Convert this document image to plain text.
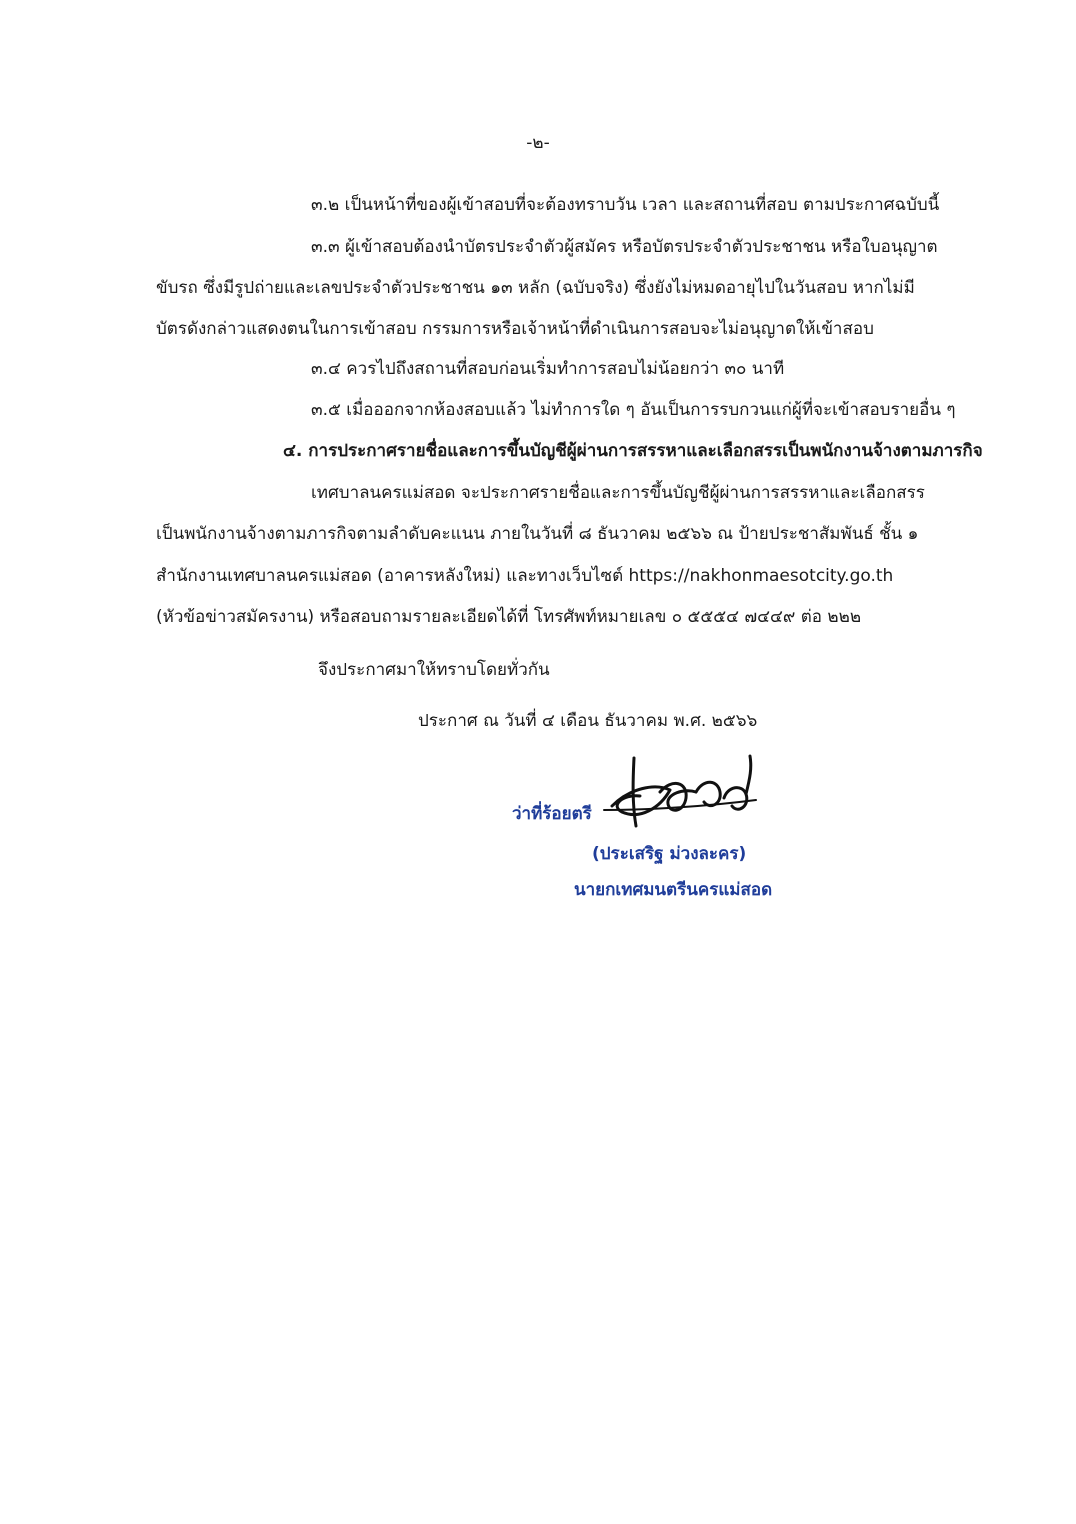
-๒-
๓.๒ เป็นหน้าที่ของผู้เข้าสอบที่จะต้องทราบวัน เวลา และสถานที่สอบ ตามประกาศฉบับนี้
๓.๓ ผู้เข้าสอบต้องนำบัตรประจำตัวผู้สมัคร หรือบัตรประจำตัวประชาชน หรือใบอนุญาต
ขับรถ ซึ่งมีรูปถ่ายและเลขประจำตัวประชาชน ๑๓ หลัก (ฉบับจริง) ซึ่งยังไม่หมดอายุไปในวันสอบ หากไม่มี
บัตรดังกล่าวแสดงตนในการเข้าสอบ กรรมการหรือเจ้าหน้าที่ดำเนินการสอบจะไม่อนุญาตให้เข้าสอบ
๓.๔ ควรไปถึงสถานที่สอบก่อนเริ่มทำการสอบไม่น้อยกว่า ๓๐ นาที
๓.๕ เมื่อออกจากห้องสอบแล้ว ไม่ทำการใด ๆ อันเป็นการรบกวนแก่ผู้ที่จะเข้าสอบรายอื่น ๆ
๔. การประกาศรายชื่อและการขึ้นบัญชีผู้ผ่านการสรรหาและเลือกสรรเป็นพนักงานจ้างตามภารกิจ
เทศบาลนครแม่สอด จะประกาศรายชื่อและการขึ้นบัญชีผู้ผ่านการสรรหาและเลือกสรร
เป็นพนักงานจ้างตามภารกิจตามลำดับคะแนน ภายในวันที่ ๘ ธันวาคม ๒๕๖๖ ณ ป้ายประชาสัมพันธ์ ชั้น ๑
สำนักงานเทศบาลนครแม่สอด (อาคารหลังใหม่) และทางเว็บไซต์ https://nakhonmaesotcity.go.th
(หัวข้อข่าวสมัครงาน) หรือสอบถามรายละเอียดได้ที่ โทรศัพท์หมายเลข ๐ ๕๕๕๔ ๗๔๔๙ ต่อ ๒๒๒
จึงประกาศมาให้ทราบโดยทั่วกัน
ประกาศ ณ วันที่ ๔ เดือน ธันวาคม พ.ศ. ๒๕๖๖
ว่าที่ร้อยตรี
(ประเสริฐ ม่วงละคร)
นายกเทศมนตรีนครแม่สอด
